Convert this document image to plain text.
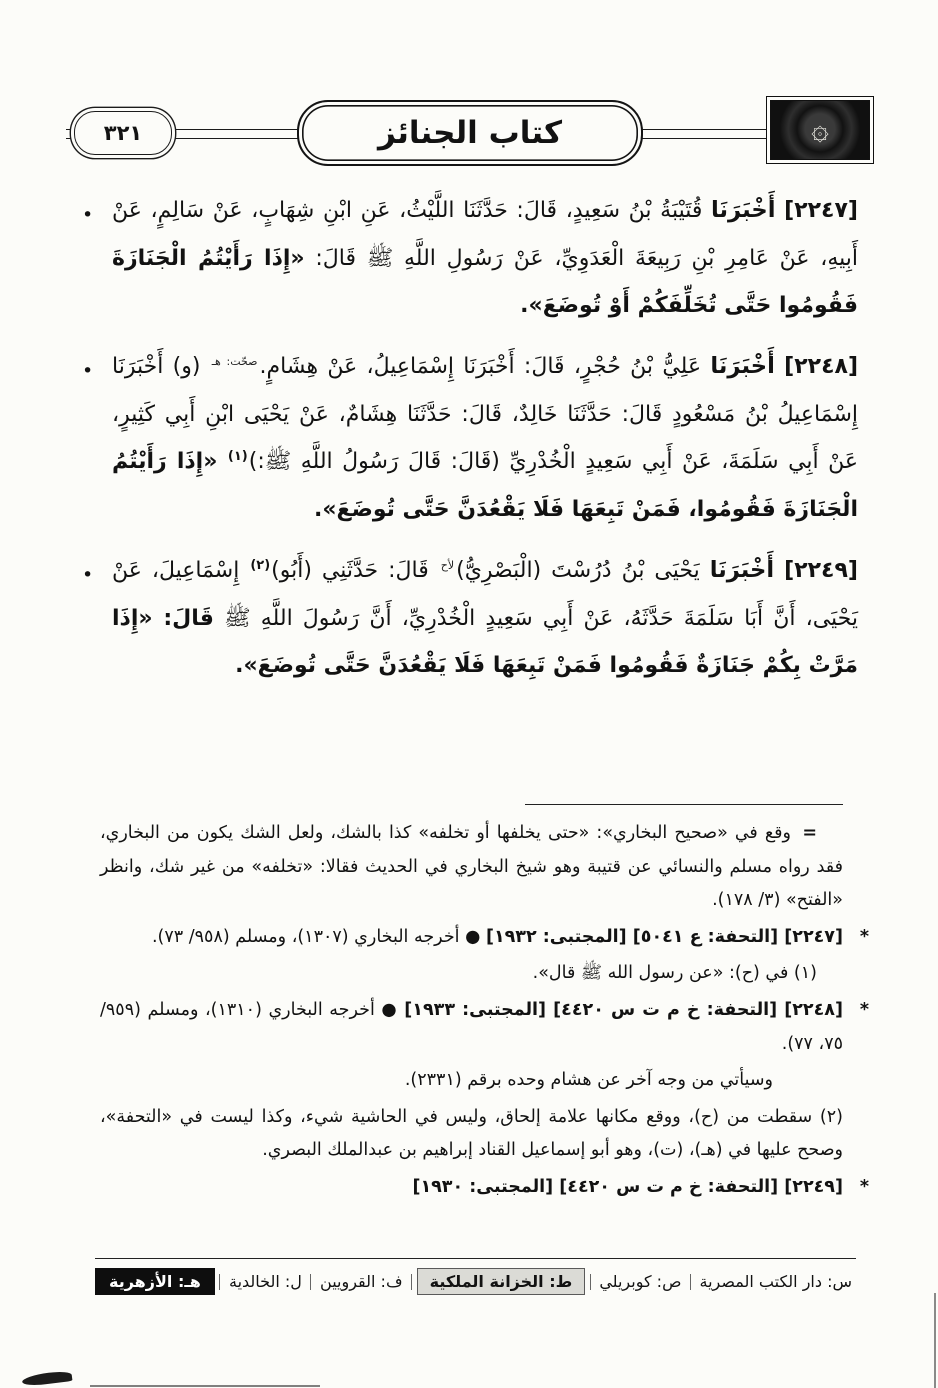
٣٢١	كتاب الجنائز	۞

•	[٢٢٤٧] أَخْبَرَنَا قُتَيْبَةُ بْنُ سَعِيدٍ، قَالَ: حَدَّثَنَا اللَّيْثُ، عَنِ ابْنِ شِهَابٍ، عَنْ سَالِمٍ، عَنْ أَبِيهِ، عَنْ عَامِرِ بْنِ رَبِيعَةَ الْعَدَوِيِّ، عَنْ رَسُولِ اللَّهِ ﷺ قَالَ: «إِذَا رَأَيْتُمُ الْجَنَازَةَ فَقُومُوا حَتَّى تُخَلِّفَكُمْ أَوْ تُوضَعَ».

•	[٢٢٤٨] أَخْبَرَنَا عَلِيُّ بْنُ حُجْرٍ، قَالَ: أَخْبَرَنَا إِسْمَاعِيلُ، عَنْ هِشَامٍ.$^{صحّت: هـ}$ (و) أَخْبَرَنَا إِسْمَاعِيلُ بْنُ مَسْعُودٍ قَالَ: حَدَّثَنَا خَالِدٌ، قَالَ: حَدَّثَنَا هِشَامٌ، عَنْ يَحْيَى ابْنِ أَبِي كَثِيرٍ، عَنْ أَبِي سَلَمَةَ، عَنْ أَبِي سَعِيدٍ الْخُدْرِيِّ (قَالَ: قَالَ رَسُولُ اللَّهِ ﷺ:)$^{(١)}$ «إِذَا رَأَيْتُمُ الْجَنَازَةَ فَقُومُوا، فَمَنْ تَبِعَهَا فَلَا يَقْعُدَنَّ حَتَّى تُوضَعَ».

•	[٢٢٤٩] أَخْبَرَنَا يَحْيَى بْنُ دُرُسْتَ (الْبَصْرِيُّ)$^{لأح}$ قَالَ: حَدَّثَنِي (أَبُو)$^{(٢)}$ إِسْمَاعِيلَ، عَنْ يَحْيَى، أَنَّ أَبَا سَلَمَةَ حَدَّثَهُ، عَنْ أَبِي سَعِيدٍ الْخُدْرِيِّ، أَنَّ رَسُولَ اللَّهِ ﷺ قَالَ: «إِذَا مَرَّتْ بِكُمْ جَنَازَةٌ فَقُومُوا فَمَنْ تَبِعَهَا فَلَا يَقْعُدَنَّ حَتَّى تُوضَعَ».

=
وقع في «صحيح البخاري»: «حتى يخلفها أو تخلفه» كذا بالشك، ولعل الشك يكون من البخاري، فقد رواه مسلم والنسائي عن قتيبة وهو شيخ البخاري في الحديث فقالا: «تخلفه» من غير شك، وانظر «الفتح» (٣/ ١٧٨).

*
[٢٢٤٧] [التحفة: ع ٥٠٤١] [المجتبى: ١٩٣٢] ● أخرجه البخاري (١٣٠٧)، ومسلم (٩٥٨/ ٧٣).

(١) في (ح): «عن رسول الله ﷺ قال».

*
[٢٢٤٨] [التحفة: خ م ت س ٤٤٢٠] [المجتبى: ١٩٣٣] ● أخرجه البخاري (١٣١٠)، ومسلم (٩٥٩/ ٧٥، ٧٧).

وسيأتي من وجه آخر عن هشام وحده برقم (٢٣٣١).

(٢) سقطت من (ح)، ووقع مكانها علامة إلحاق، وليس في الحاشية شيء، وكذا ليست في «التحفة»، وصحح عليها في (هـ)، (ت)، وهو أبو إسماعيل القناد إبراهيم بن عبدالملك البصري.

*
[٢٢٤٩] [التحفة: خ م ت س ٤٤٢٠] [المجتبى: ١٩٣٠]

س: دار الكتب المصرية
ص: كوبريلي
ط: الخزانة الملكية
ف: القرويين
ل: الخالدية
هـ: الأزهرية
